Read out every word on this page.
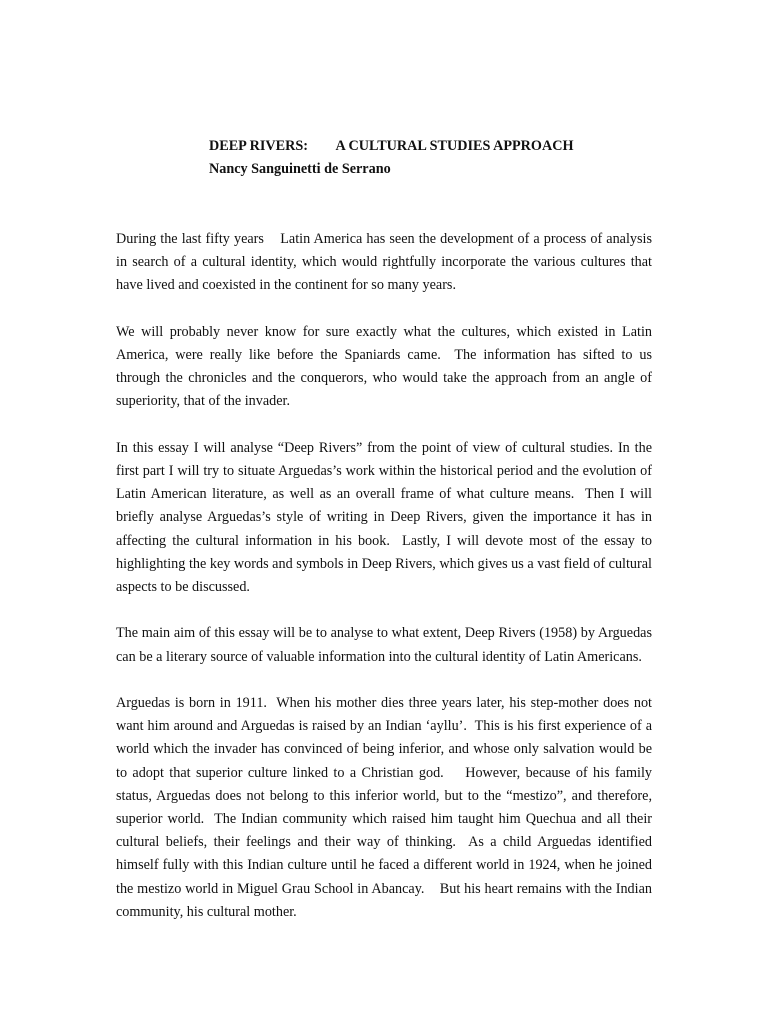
DEEP RIVERS:        A CULTURAL STUDIES APPROACH
Nancy Sanguinetti de Serrano

During the last fifty years    Latin America has seen the development of a process of analysis in search of a cultural identity, which would rightfully incorporate the various cultures that have lived and coexisted in the continent for so many years.

We will probably never know for sure exactly what the cultures, which existed in Latin America, were really like before the Spaniards came.  The information has sifted to us through the chronicles and the conquerors, who would take the approach from an angle of superiority, that of the invader.

In this essay I will analyse “Deep Rivers” from the point of view of cultural studies. In the first part I will try to situate Arguedas’s work within the historical period and the evolution of Latin American literature, as well as an overall frame of what culture means.  Then I will briefly analyse Arguedas’s style of writing in Deep Rivers, given the importance it has in affecting the cultural information in his book.  Lastly, I will devote most of the essay to highlighting the key words and symbols in Deep Rivers, which gives us a vast field of cultural aspects to be discussed.

The main aim of this essay will be to analyse to what extent, Deep Rivers (1958) by Arguedas can be a literary source of valuable information into the cultural identity of Latin Americans.

Arguedas is born in 1911.  When his mother dies three years later, his step-mother does not want him around and Arguedas is raised by an Indian ‘ayllu’.  This is his first experience of a world which the invader has convinced of being inferior, and whose only salvation would be to adopt that superior culture linked to a Christian god.    However, because of his family status, Arguedas does not belong to this inferior world, but to the “mestizo”, and therefore, superior world.  The Indian community which raised him taught him Quechua and all their cultural beliefs, their feelings and their way of thinking.  As a child Arguedas identified himself fully with this Indian culture until he faced a different world in 1924, when he joined the mestizo world in Miguel Grau School in Abancay.    But his heart remains with the Indian community, his cultural mother.
